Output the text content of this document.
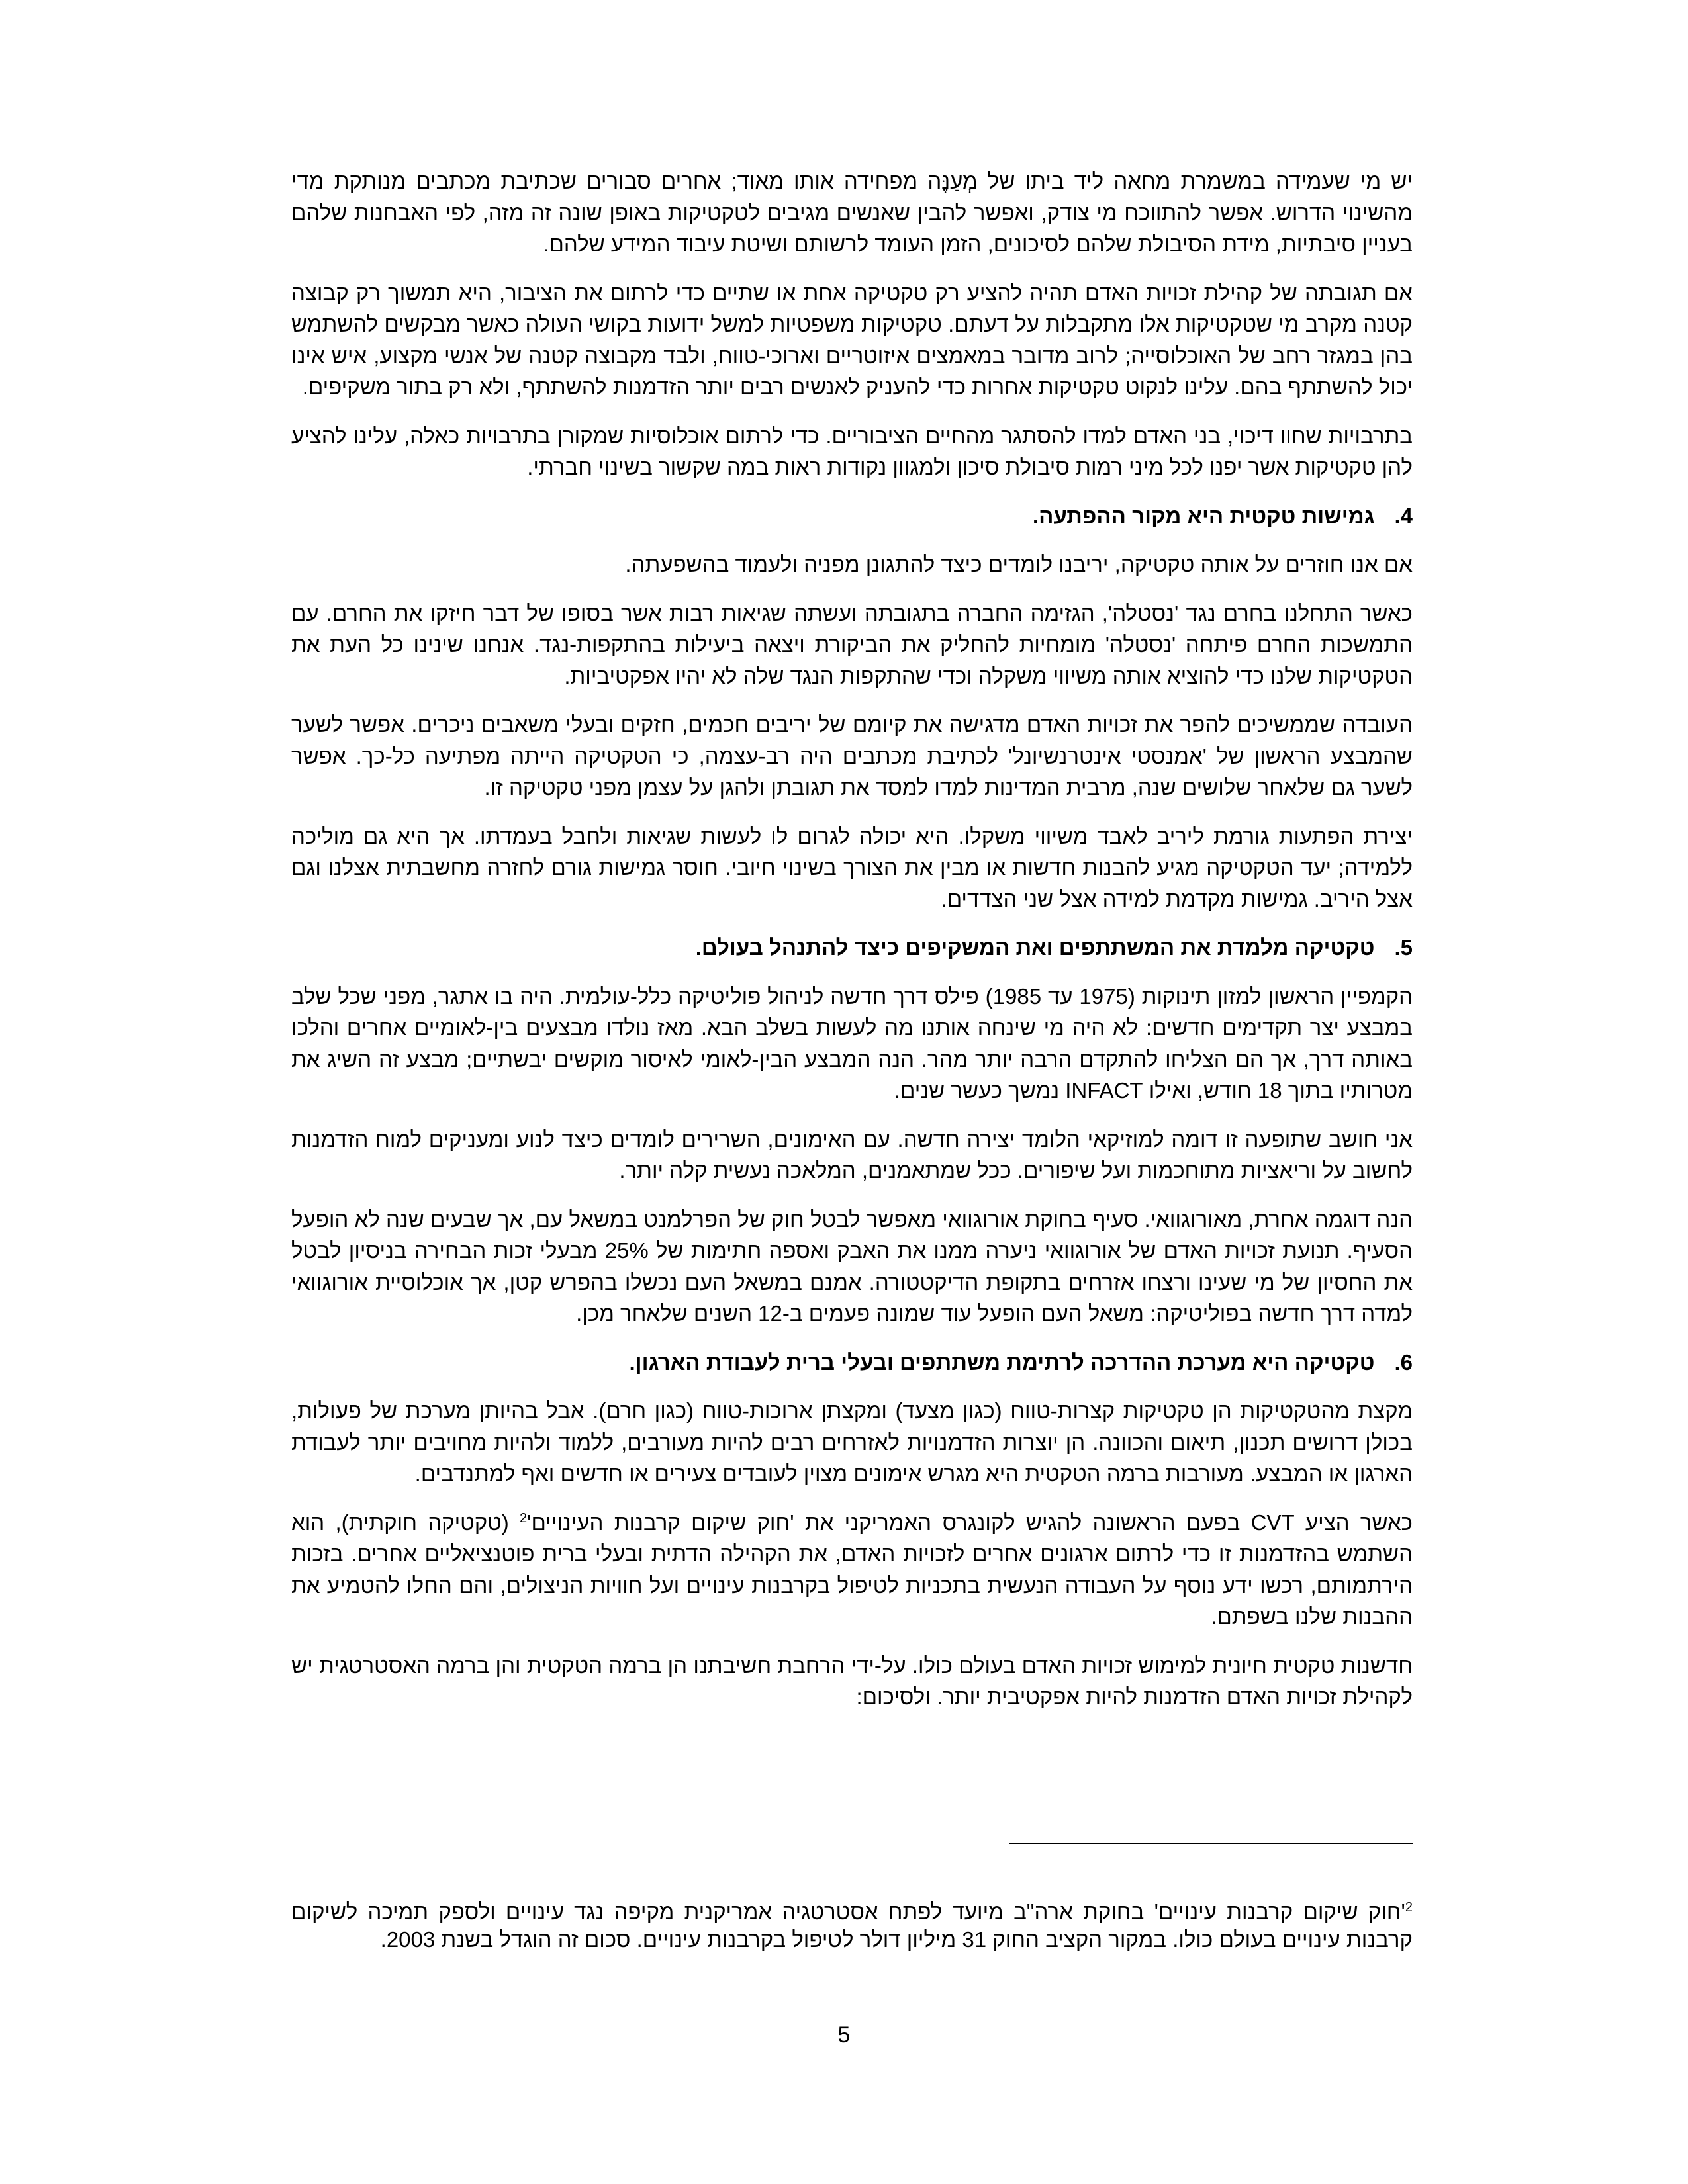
יש מי שעמידה במשמרת מחאה ליד ביתו של מְעַנֶּה מפחידה אותו מאוד; אחרים סבורים שכתיבת מכתבים מנותקת מדי מהשינוי הדרוש. אפשר להתווכח מי צודק, ואפשר להבין שאנשים מגיבים לטקטיקות באופן שונה זה מזה, לפי האבחנות שלהם בעניין סיבתיות, מידת הסיבולת שלהם לסיכונים, הזמן העומד לרשותם ושיטת עיבוד המידע שלהם.

אם תגובתה של קהילת זכויות האדם תהיה להציע רק טקטיקה אחת או שתיים כדי לרתום את הציבור, היא תמשוך רק קבוצה קטנה מקרב מי שטקטיקות אלו מתקבלות על דעתם. טקטיקות משפטיות למשל ידועות בקושי העולה כאשר מבקשים להשתמש בהן במגזר רחב של האוכלוסייה; לרוב מדובר במאמצים איזוטריים וארוכי-טווח, ולבד מקבוצה קטנה של אנשי מקצוע, איש אינו יכול להשתתף בהם. עלינו לנקוט טקטיקות אחרות כדי להעניק לאנשים רבים יותר הזדמנות להשתתף, ולא רק בתור משקיפים.

בתרבויות שחוו דיכוי, בני האדם למדו להסתגר מהחיים הציבוריים. כדי לרתום אוכלוסיות שמקורן בתרבויות כאלה, עלינו להציע להן טקטיקות אשר יפנו לכל מיני רמות סיבולת סיכון ולמגוון נקודות ראות במה שקשור בשינוי חברתי.

4.גמישות טקטית היא מקור ההפתעה.

אם אנו חוזרים על אותה טקטיקה, יריבנו לומדים כיצד להתגונן מפניה ולעמוד בהשפעתה.

כאשר התחלנו בחרם נגד 'נסטלה', הגזימה החברה בתגובתה ועשתה שגיאות רבות אשר בסופו של דבר חיזקו את החרם. עם התמשכות החרם פיתחה 'נסטלה' מומחיות להחליק את הביקורת ויצאה ביעילות בהתקפות-נגד. אנחנו שינינו כל העת את הטקטיקות שלנו כדי להוציא אותה משיווי משקלה וכדי שהתקפות הנגד שלה לא יהיו אפקטיביות.

העובדה שממשיכים להפר את זכויות האדם מדגישה את קיומם של יריבים חכמים, חזקים ובעלי משאבים ניכרים. אפשר לשער שהמבצע הראשון של 'אמנסטי אינטרנשיונל' לכתיבת מכתבים היה רב-עצמה, כי הטקטיקה הייתה מפתיעה כל-כך. אפשר לשער גם שלאחר שלושים שנה, מרבית המדינות למדו למסד את תגובתן ולהגן על עצמן מפני טקטיקה זו.

יצירת הפתעות גורמת ליריב לאבד משיווי משקלו. היא יכולה לגרום לו לעשות שגיאות ולחבל בעמדתו. אך היא גם מוליכה ללמידה; יעד הטקטיקה מגיע להבנות חדשות או מבין את הצורך בשינוי חיובי. חוסר גמישות גורם לחזרה מחשבתית אצלנו וגם אצל היריב. גמישות מקדמת למידה אצל שני הצדדים.

5.טקטיקה מלמדת את המשתתפים ואת המשקיפים כיצד להתנהל בעולם.

הקמפיין הראשון למזון תינוקות (1975 עד 1985) פילס דרך חדשה לניהול פוליטיקה כלל-עולמית. היה בו אתגר, מפני שכל שלב במבצע יצר תקדימים חדשים: לא היה מי שינחה אותנו מה לעשות בשלב הבא. מאז נולדו מבצעים בין-לאומיים אחרים והלכו באותה דרך, אך הם הצליחו להתקדם הרבה יותר מהר. הנה המבצע הבין-לאומי לאיסור מוקשים יבשתיים; מבצע זה השיג את מטרותיו בתוך 18 חודש, ואילו INFACT נמשך כעשר שנים.

אני חושב שתופעה זו דומה למוזיקאי הלומד יצירה חדשה. עם האימונים, השרירים לומדים כיצד לנוע ומעניקים למוח הזדמנות לחשוב על וריאציות מתוחכמות ועל שיפורים. ככל שמתאמנים, המלאכה נעשית קלה יותר.

הנה דוגמה אחרת, מאורוגוואי. סעיף בחוקת אורוגוואי מאפשר לבטל חוק של הפרלמנט במשאל עם, אך שבעים שנה לא הופעל הסעיף. תנועת זכויות האדם של אורוגוואי ניערה ממנו את האבק ואספה חתימות של 25% מבעלי זכות הבחירה בניסיון לבטל את החסיון של מי שעינו ורצחו אזרחים בתקופת הדיקטטורה. אמנם במשאל העם נכשלו בהפרש קטן, אך אוכלוסיית אורוגוואי למדה דרך חדשה בפוליטיקה: משאל העם הופעל עוד שמונה פעמים ב-12 השנים שלאחר מכן.

6.טקטיקה היא מערכת ההדרכה לרתימת משתתפים ובעלי ברית לעבודת הארגון.

מקצת מהטקטיקות הן טקטיקות קצרות-טווח (כגון מצעד) ומקצתן ארוכות-טווח (כגון חרם). אבל בהיותן מערכת של פעולות, בכולן דרושים תכנון, תיאום והכוונה. הן יוצרות הזדמנויות לאזרחים רבים להיות מעורבים, ללמוד ולהיות מחויבים יותר לעבודת הארגון או המבצע. מעורבות ברמה הטקטית היא מגרש אימונים מצוין לעובדים צעירים או חדשים ואף למתנדבים.

כאשר הציע CVT בפעם הראשונה להגיש לקונגרס האמריקני את 'חוק שיקום קרבנות $העינויים'^2$ (טקטיקה חוקתית), הוא השתמש בהזדמנות זו כדי לרתום ארגונים אחרים לזכויות האדם, את הקהילה הדתית ובעלי ברית פוטנציאליים אחרים. בזכות הירתמותם, רכשו ידע נוסף על העבודה הנעשית בתכניות לטיפול בקרבנות עינויים ועל חוויות הניצולים, והם החלו להטמיע את ההבנות שלנו בשפתם.

חדשנות טקטית חיונית למימוש זכויות האדם בעולם כולו. על-ידי הרחבת חשיבתנו הן ברמה הטקטית והן ברמה האסטרטגית יש לקהילת זכויות האדם הזדמנות להיות אפקטיבית יותר. ולסיכום:

$^2$'חוק שיקום קרבנות עינויים' בחוקת ארה"ב מיועד לפתח אסטרטגיה אמריקנית מקיפה נגד עינויים ולספק תמיכה לשיקום קרבנות עינויים בעולם כולו. במקור הקציב החוק 31 מיליון דולר לטיפול בקרבנות עינויים. סכום זה הוגדל בשנת 2003.
5
